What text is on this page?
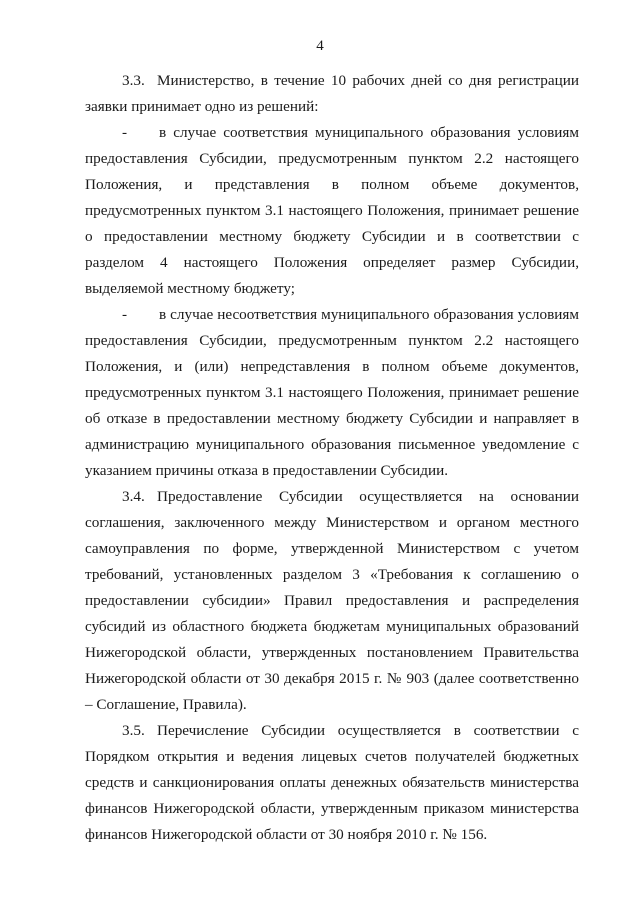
4

3.3. Министерство, в течение 10 рабочих дней со дня регистрации заявки принимает одно из решений:

- в случае соответствия муниципального образования условиям предоставления Субсидии, предусмотренным пунктом 2.2 настоящего Положения, и представления в полном объеме документов, предусмотренных пунктом 3.1 настоящего Положения, принимает решение о предоставлении местному бюджету Субсидии и в соответствии с разделом 4 настоящего Положения определяет размер Субсидии, выделяемой местному бюджету;

- в случае несоответствия муниципального образования условиям предоставления Субсидии, предусмотренным пунктом 2.2 настоящего Положения, и (или) непредставления в полном объеме документов, предусмотренных пунктом 3.1 настоящего Положения, принимает решение об отказе в предоставлении местному бюджету Субсидии и направляет в администрацию муниципального образования письменное уведомление с указанием причины отказа в предоставлении Субсидии.

3.4. Предоставление Субсидии осуществляется на основании соглашения, заключенного между Министерством и органом местного самоуправления по форме, утвержденной Министерством с учетом требований, установленных разделом 3 «Требования к соглашению о предоставлении субсидии» Правил предоставления и распределения субсидий из областного бюджета бюджетам муниципальных образований Нижегородской области, утвержденных постановлением Правительства Нижегородской области от 30 декабря 2015 г. № 903 (далее соответственно – Соглашение, Правила).

3.5. Перечисление Субсидии осуществляется в соответствии с Порядком открытия и ведения лицевых счетов получателей бюджетных средств и санкционирования оплаты денежных обязательств министерства финансов Нижегородской области, утвержденным приказом министерства финансов Нижегородской области от 30 ноября 2010 г. № 156.
